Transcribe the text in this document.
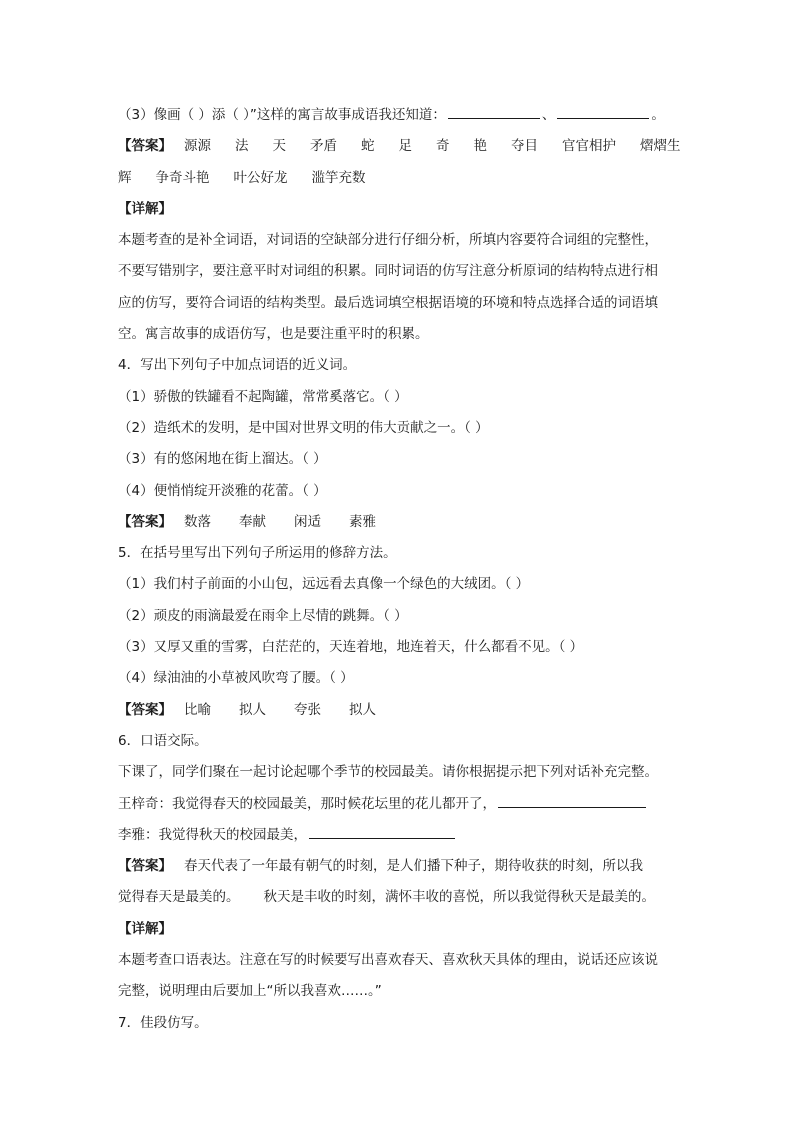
（3）像画（ ）添（ ）”这样的寓言故事成语我还知道：	、	。
【答案】 源源 法 天 矛盾 蛇 足 奇 艳 夺目 官官相护 熠熠生
辉 争奇斗艳 叶公好龙 滥竽充数
【详解】
本题考查的是补全词语，对词语的空缺部分进行仔细分析，所填内容要符合词组的完整性，
不要写错别字，要注意平时对词组的积累。同时词语的仿写注意分析原词的结构特点进行相
应的仿写，要符合词语的结构类型。最后选词填空根据语境的环境和特点选择合适的词语填
空。寓言故事的成语仿写，也是要注重平时的积累。
4．写出下列句子中加点词语的近义词。
（1）骄傲的铁罐看不起陶罐，常常奚落它。（ ）
（2）造纸术的发明，是中国对世界文明的伟大贡献之一。（ ）
（3）有的悠闲地在街上溜达。（ ）
（4）便悄悄绽开淡雅的花蕾。（ ）
【答案】 数落 奉献 闲适 素雅
5．在括号里写出下列句子所运用的修辞方法。
（1）我们村子前面的小山包，远远看去真像一个绿色的大绒团。（ ）
（2）顽皮的雨滴最爱在雨伞上尽情的跳舞。（ ）
（3）又厚又重的雪雾，白茫茫的，天连着地，地连着天，什么都看不见。（ ）
（4）绿油油的小草被风吹弯了腰。（ ）
【答案】 比喻 拟人 夸张 拟人
6．口语交际。
下课了，同学们聚在一起讨论起哪个季节的校园最美。请你根据提示把下列对话补充完整。
王梓奇：我觉得春天的校园最美，那时候花坛里的花儿都开了，
李雅：我觉得秋天的校园最美，
【答案】 春天代表了一年最有朝气的时刻，是人们播下种子，期待收获的时刻，所以我
觉得春天是最美的。 秋天是丰收的时刻，满怀丰收的喜悦，所以我觉得秋天是最美的。
【详解】
本题考查口语表达。注意在写的时候要写出喜欢春天、喜欢秋天具体的理由，说话还应该说
完整，说明理由后要加上“所以我喜欢……。”
7．佳段仿写。
